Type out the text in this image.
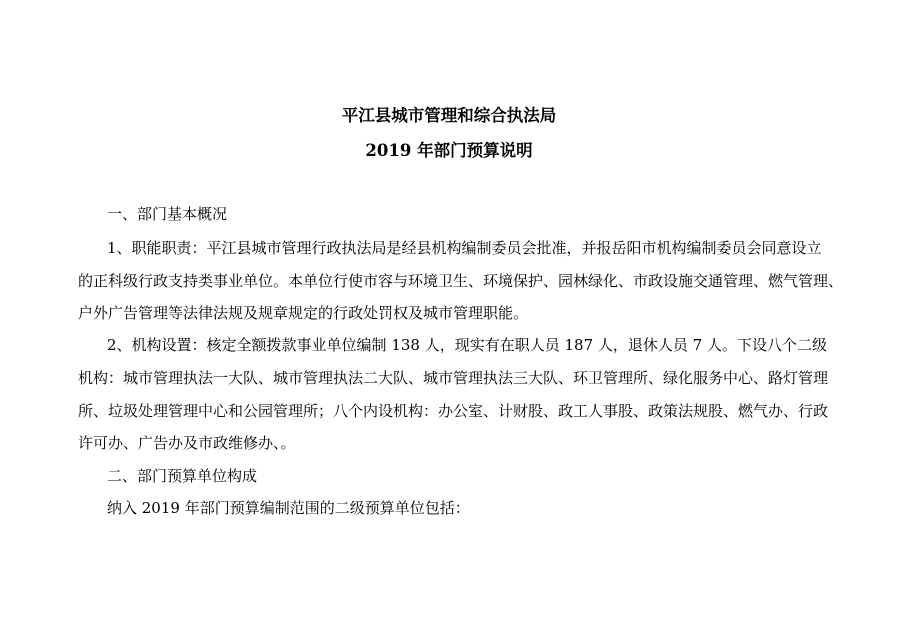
平江县城市管理和综合执法局
2019 年部门预算说明
一、部门基本概况
1、职能职责：平江县城市管理行政执法局是经县机构编制委员会批准，并报岳阳市机构编制委员会同意设立
的正科级行政支持类事业单位。本单位行使市容与环境卫生、环境保护、园林绿化、市政设施交通管理、燃气管理、
户外广告管理等法律法规及规章规定的行政处罚权及城市管理职能。
2、机构设置：核定全额拨款事业单位编制 138 人，现实有在职人员 187 人，退休人员 7 人。下设八个二级
机构：城市管理执法一大队、城市管理执法二大队、城市管理执法三大队、环卫管理所、绿化服务中心、路灯管理
所、垃圾处理管理中心和公园管理所；八个内设机构：办公室、计财股、政工人事股、政策法规股、燃气办、行政
许可办、广告办及市政维修办、。
二、部门预算单位构成
纳入 2019 年部门预算编制范围的二级预算单位包括：
